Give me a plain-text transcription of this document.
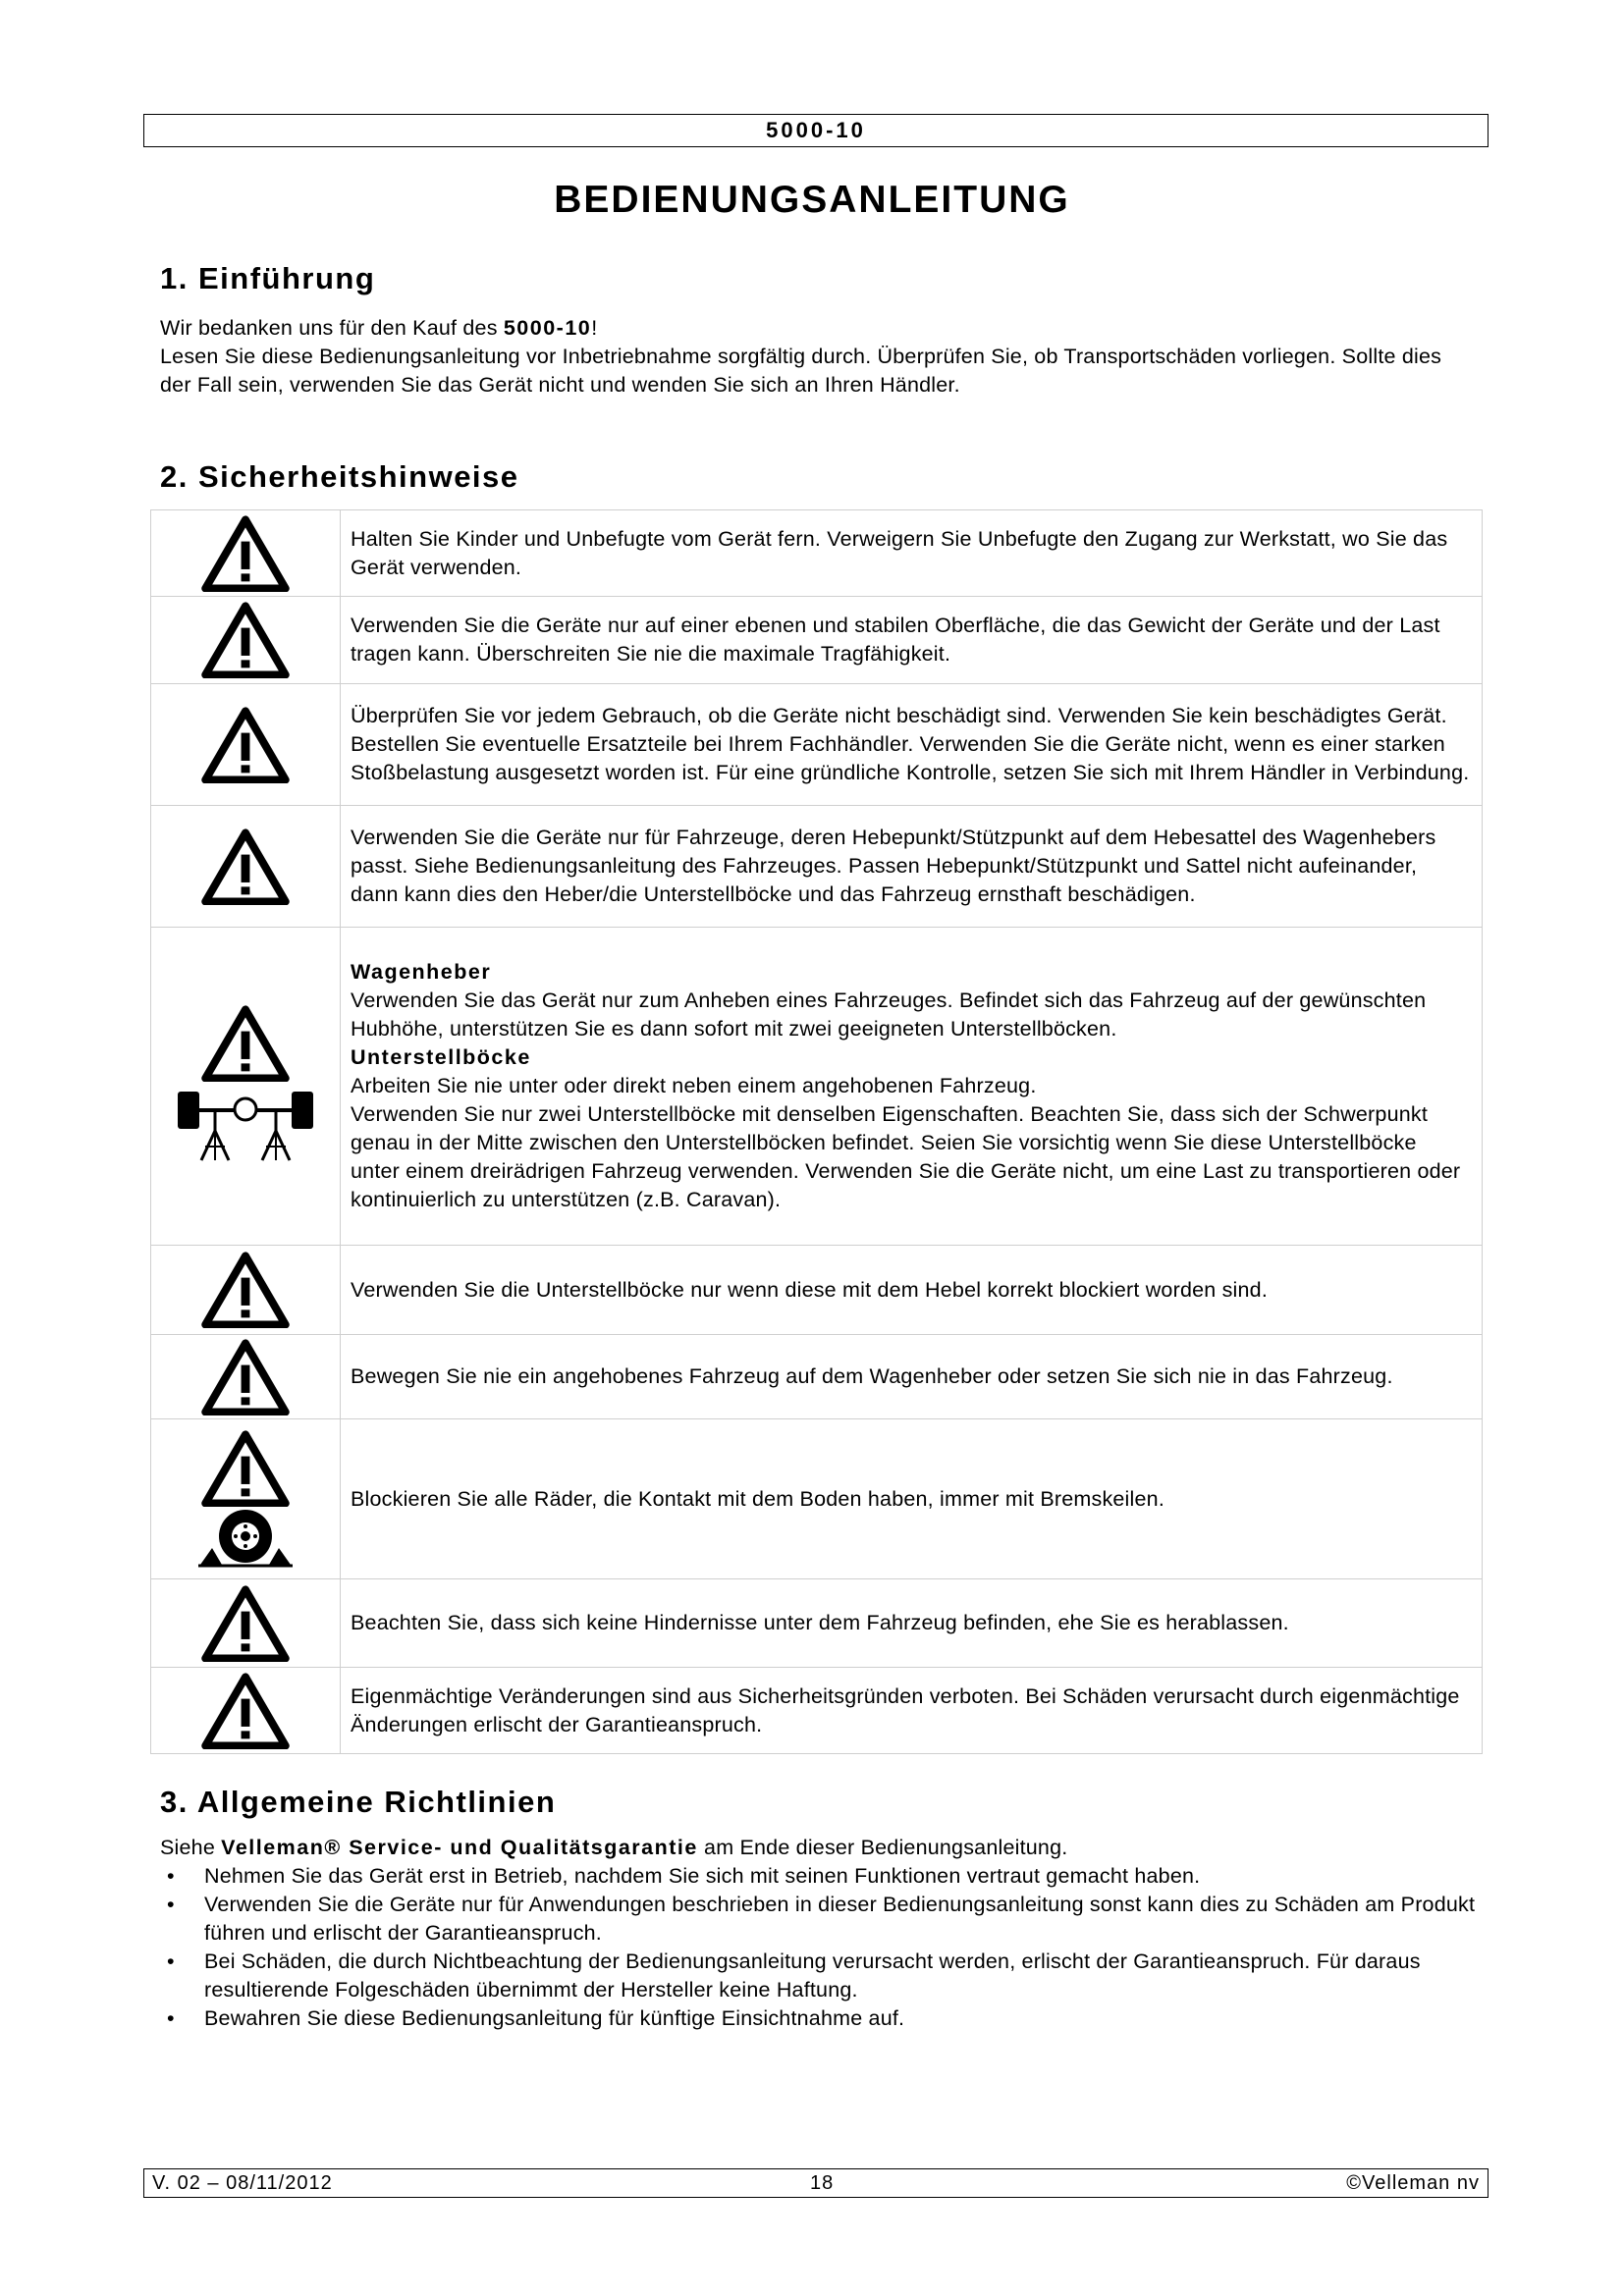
5000-10
BEDIENUNGSANLEITUNG
1. Einführung

Wir bedanken uns für den Kauf des 5000-10!

Lesen Sie diese Bedienungsanleitung vor Inbetriebnahme sorgfältig durch. Überprüfen Sie, ob Transportschäden vorliegen. Sollte dies der Fall sein, verwenden Sie das Gerät nicht und wenden Sie sich an Ihren Händler.

2. Sicherheitshinweise
	Halten Sie Kinder und Unbefugte vom Gerät fern. Verweigern Sie Unbefugte den Zugang zur Werkstatt, wo Sie das Gerät verwenden.

	Verwenden Sie die Geräte nur auf einer ebenen und stabilen Oberfläche, die das Gewicht der Geräte und der Last tragen kann. Überschreiten Sie nie die maximale Tragfähigkeit.

	Überprüfen Sie vor jedem Gebrauch, ob die Geräte nicht beschädigt sind. Verwenden Sie kein beschädigtes Gerät. Bestellen Sie eventuelle Ersatzteile bei Ihrem Fachhändler. Verwenden Sie die Geräte nicht, wenn es einer starken Stoßbelastung ausgesetzt worden ist. Für eine gründliche Kontrolle, setzen Sie sich mit Ihrem Händler in Verbindung.

	Verwenden Sie die Geräte nur für Fahrzeuge, deren Hebepunkt/Stützpunkt auf dem Hebesattel des Wagenhebers passt. Siehe Bedienungsanleitung des Fahrzeuges. Passen Hebepunkt/Stützpunkt und Sattel nicht aufeinander, dann kann dies den Heber/die Unterstellböcke und das Fahrzeug ernsthaft beschädigen.

Wagenheber
Verwenden Sie das Gerät nur zum Anheben eines Fahrzeuges. Befindet sich das Fahrzeug auf der gewünschten Hubhöhe, unterstützen Sie es dann sofort mit zwei geeigneten Unterstellböcken.
Unterstellböcke
Arbeiten Sie nie unter oder direkt neben einem angehobenen Fahrzeug.
Verwenden Sie nur zwei Unterstellböcke mit denselben Eigenschaften. Beachten Sie, dass sich der Schwerpunkt genau in der Mitte zwischen den Unterstellböcken befindet. Seien Sie vorsichtig wenn Sie diese Unterstellböcke unter einem dreirädrigen Fahrzeug verwenden. Verwenden Sie die Geräte nicht, um eine Last zu transportieren oder kontinuierlich zu unterstützen (z.B. Caravan).

	Verwenden Sie die Unterstellböcke nur wenn diese mit dem Hebel korrekt blockiert worden sind.

	Bewegen Sie nie ein angehobenes Fahrzeug auf dem Wagenheber oder setzen Sie sich nie in das Fahrzeug.

	Blockieren Sie alle Räder, die Kontakt mit dem Boden haben, immer mit Bremskeilen.

	Beachten Sie, dass sich keine Hindernisse unter dem Fahrzeug befinden, ehe Sie es herablassen.

	Eigenmächtige Veränderungen sind aus Sicherheitsgründen verboten. Bei Schäden verursacht durch eigenmächtige Änderungen erlischt der Garantieanspruch.
3. Allgemeine Richtlinien

Siehe Velleman® Service- und Qualitätsgarantie am Ende dieser Bedienungsanleitung.

• Nehmen Sie das Gerät erst in Betrieb, nachdem Sie sich mit seinen Funktionen vertraut gemacht haben.
• Verwenden Sie die Geräte nur für Anwendungen beschrieben in dieser Bedienungsanleitung sonst kann dies zu Schäden am Produkt führen und erlischt der Garantieanspruch.
• Bei Schäden, die durch Nichtbeachtung der Bedienungsanleitung verursacht werden, erlischt der Garantieanspruch. Für daraus resultierende Folgeschäden übernimmt der Hersteller keine Haftung.
• Bewahren Sie diese Bedienungsanleitung für künftige Einsichtnahme auf.
V. 02 – 08/11/2012	18	©Velleman nv
